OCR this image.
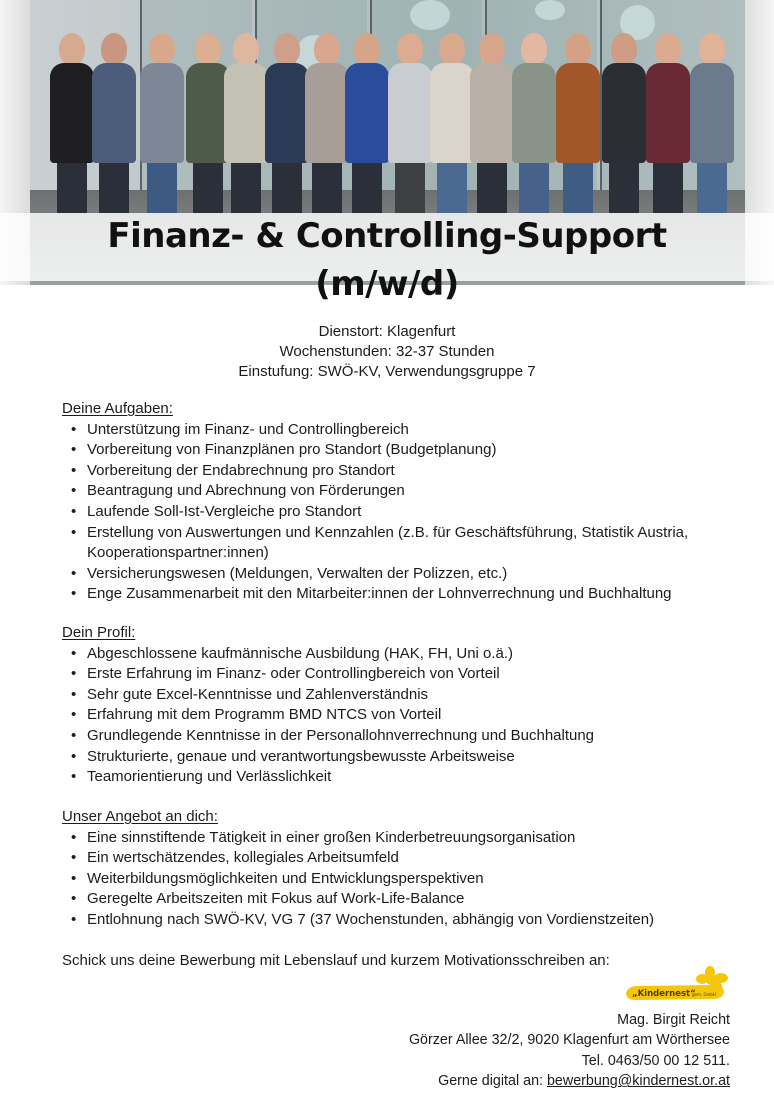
Finanz- & Controlling-Support
(m/w/d)
Dienstort: Klagenfurt
Wochenstunden: 32-37 Stunden
Einstufung: SWÖ-KV, Verwendungsgruppe 7
Deine Aufgaben:
• Unterstützung im Finanz- und Controllingbereich
• Vorbereitung von Finanzplänen pro Standort (Budgetplanung)
• Vorbereitung der Endabrechnung pro Standort
• Beantragung und Abrechnung von Förderungen
• Laufende Soll-Ist-Vergleiche pro Standort
• Erstellung von Auswertungen und Kennzahlen (z.B. für Geschäftsführung, Statistik Austria, Kooperationspartner:innen)
• Versicherungswesen (Meldungen, Verwalten der Polizzen, etc.)
• Enge Zusammenarbeit mit den Mitarbeiter:innen der Lohnverrechnung und Buchhaltung
Dein Profil:
• Abgeschlossene kaufmännische Ausbildung (HAK, FH, Uni o.ä.)
• Erste Erfahrung im Finanz- oder Controllingbereich von Vorteil
• Sehr gute Excel-Kenntnisse und Zahlenverständnis
• Erfahrung mit dem Programm BMD NTCS von Vorteil
• Grundlegende Kenntnisse in der Personallohnverrechnung und Buchhaltung
• Strukturierte, genaue und verantwortungsbewusste Arbeitsweise
• Teamorientierung und Verlässlichkeit
Unser Angebot an dich:
• Eine sinnstiftende Tätigkeit in einer großen Kinderbetreuungsorganisation
• Ein wertschätzendes, kollegiales Arbeitsumfeld
• Weiterbildungsmöglichkeiten und Entwicklungsperspektiven
• Geregelte Arbeitszeiten mit Fokus auf Work-Life-Balance
• Entlohnung nach SWÖ-KV, VG 7 (37 Wochenstunden, abhängig von Vordienstzeiten)
Schick uns deine Bewerbung mit Lebenslauf und kurzem Motivationsschreiben an:
„Kindernest“
gem. GmbH
Mag. Birgit Reicht
Görzer Allee 32/2, 9020 Klagenfurt am Wörthersee
Tel. 0463/50 00 12 511.
Gerne digital an: bewerbung@kindernest.or.at
